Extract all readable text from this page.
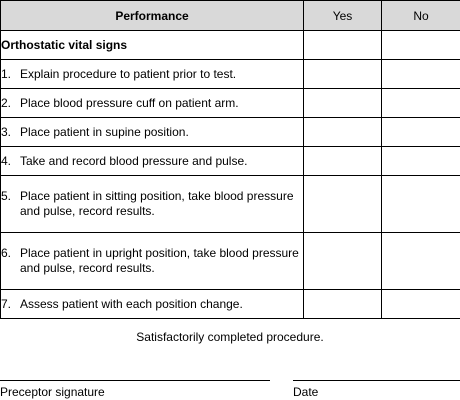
Performance	Yes	No
Orthostatic vital signs		

1. Explain procedure to patient prior to test.		

2. Place blood pressure cuff on patient arm.		

3. Place patient in supine position.		

4. Take and record blood pressure and pulse.		

5. Place patient in sitting position, take blood pressure and pulse, record results.		

6. Place patient in upright position, take blood pressure and pulse, record results.		

7. Assess patient with each position change.		

Satisfactorily completed procedure.
Preceptor signature	Date
